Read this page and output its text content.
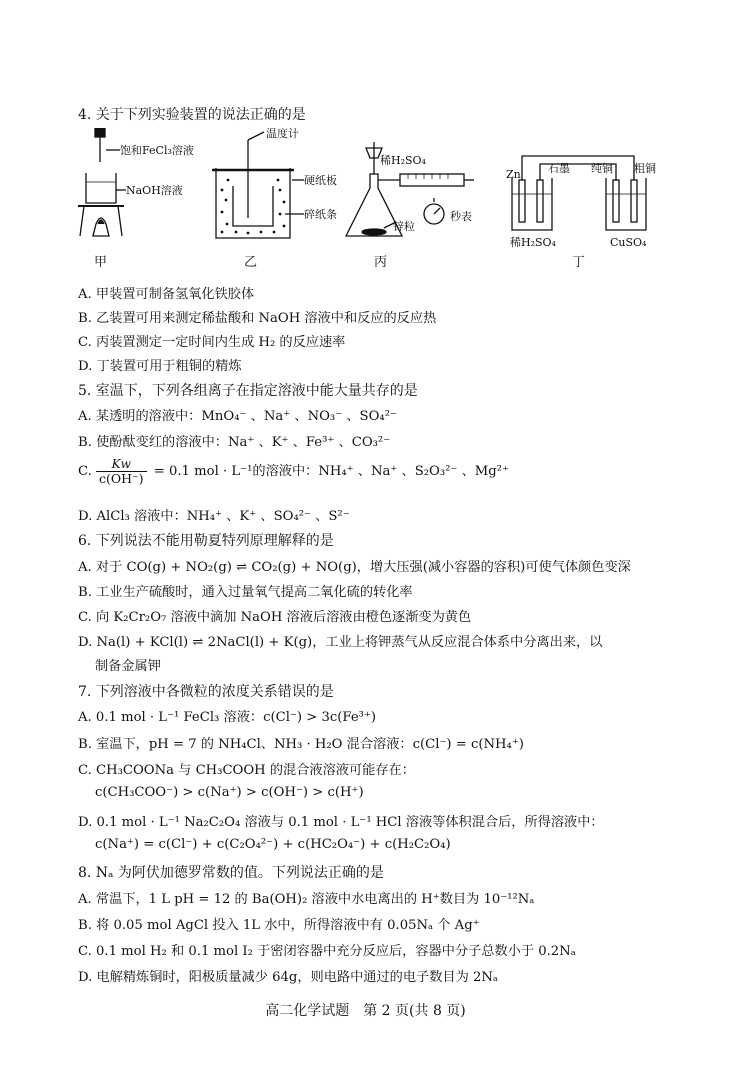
4. 关于下列实验装置的说法正确的是
饱和FeCl₃溶液
NaOH溶液
甲
温度计
硬纸板
碎纸条
乙
稀H₂SO₄
锌粒
秒表
丙
Zn 石墨 纯铜 粗铜
稀H₂SO₄	CuSO₄
丁
A. 甲装置可制备氢氧化铁胶体
B. 乙装置可用来测定稀盐酸和 NaOH 溶液中和反应的反应热
C. 丙装置测定一定时间内生成 H₂ 的反应速率
D. 丁装置可用于粗铜的精炼
5. 室温下，下列各组离子在指定溶液中能大量共存的是
A. 某透明的溶液中：MnO₄⁻ 、Na⁺ 、NO₃⁻ 、SO₄²⁻
B. 使酚酞变红的溶液中：Na⁺ 、K⁺ 、Fe³⁺ 、CO₃²⁻
C. $\frac{Kw}{c(OH^-)} = 0.1$ mol · L⁻¹的溶液中：NH₄⁺ 、Na⁺ 、S₂O₃²⁻ 、Mg²⁺
D. AlCl₃ 溶液中：NH₄⁺ 、K⁺ 、SO₄²⁻ 、S²⁻
6. 下列说法不能用勒夏特列原理解释的是
A. 对于 CO(g) + NO₂(g) ⇌ CO₂(g) + NO(g)，增大压强(减小容器的容积)可使气体颜色变深
B. 工业生产硫酸时，通入过量氧气提高二氧化硫的转化率
C. 向 K₂Cr₂O₇ 溶液中滴加 NaOH 溶液后溶液由橙色逐渐变为黄色
D. Na(l) + KCl(l) ⇌ 2NaCl(l) + K(g)，工业上将钾蒸气从反应混合体系中分离出来，以
制备金属钾
7. 下列溶液中各微粒的浓度关系错误的是
A. 0.1 mol · L⁻¹ FeCl₃ 溶液：c(Cl⁻) > 3c(Fe³⁺)
B. 室温下，pH = 7 的 NH₄Cl、NH₃ · H₂O 混合溶液：c(Cl⁻) = c(NH₄⁺)
C. CH₃COONa 与 CH₃COOH 的混合液溶液可能存在：
c(CH₃COO⁻) > c(Na⁺) > c(OH⁻) > c(H⁺)
D. 0.1 mol · L⁻¹ Na₂C₂O₄ 溶液与 0.1 mol · L⁻¹ HCl 溶液等体积混合后，所得溶液中：
c(Na⁺) = c(Cl⁻) + c(C₂O₄²⁻) + c(HC₂O₄⁻) + c(H₂C₂O₄)
8. Nₐ 为阿伏加德罗常数的值。下列说法正确的是
A. 常温下，1 L pH = 12 的 Ba(OH)₂ 溶液中水电离出的 H⁺数目为 10⁻¹²Nₐ
B. 将 0.05 mol AgCl 投入 1L 水中，所得溶液中有 0.05Nₐ 个 Ag⁺
C. 0.1 mol H₂ 和 0.1 mol I₂ 于密闭容器中充分反应后，容器中分子总数小于 0.2Nₐ
D. 电解精炼铜时，阳极质量减少 64g，则电路中通过的电子数目为 2Nₐ
高二化学试题　第 2 页(共 8 页)
